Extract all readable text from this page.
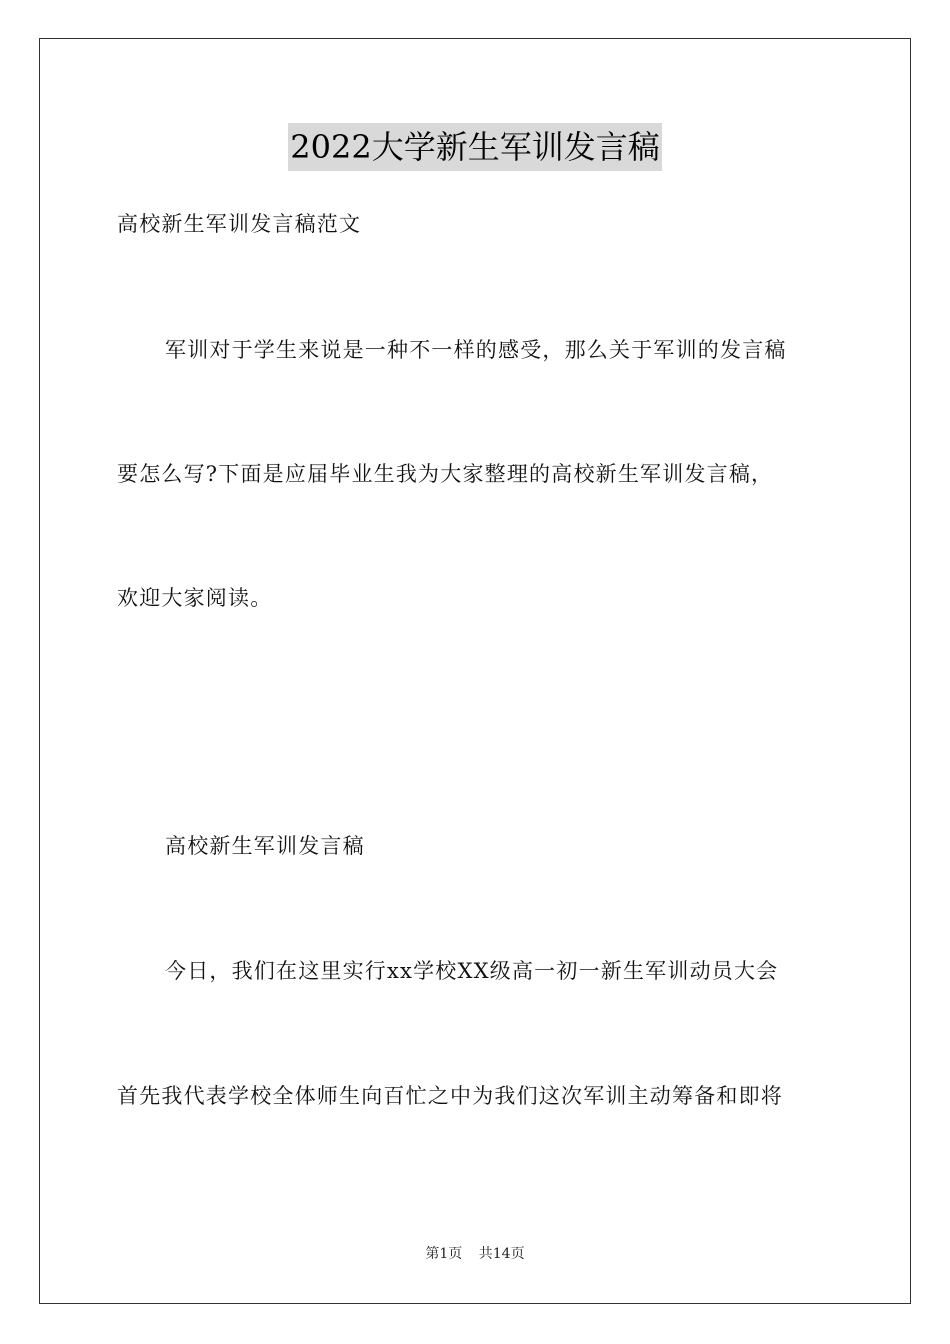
2022大学新生军训发言稿
高校新生军训发言稿范文
军训对于学生来说是一种不一样的感受，那么关于军训的发言稿
要怎么写?下面是应届毕业生我为大家整理的高校新生军训发言稿，
欢迎大家阅读。
高校新生军训发言稿
今日，我们在这里实行xx学校XX级高一初一新生军训动员大会
首先我代表学校全体师生向百忙之中为我们这次军训主动筹备和即将
第1页 共14页
